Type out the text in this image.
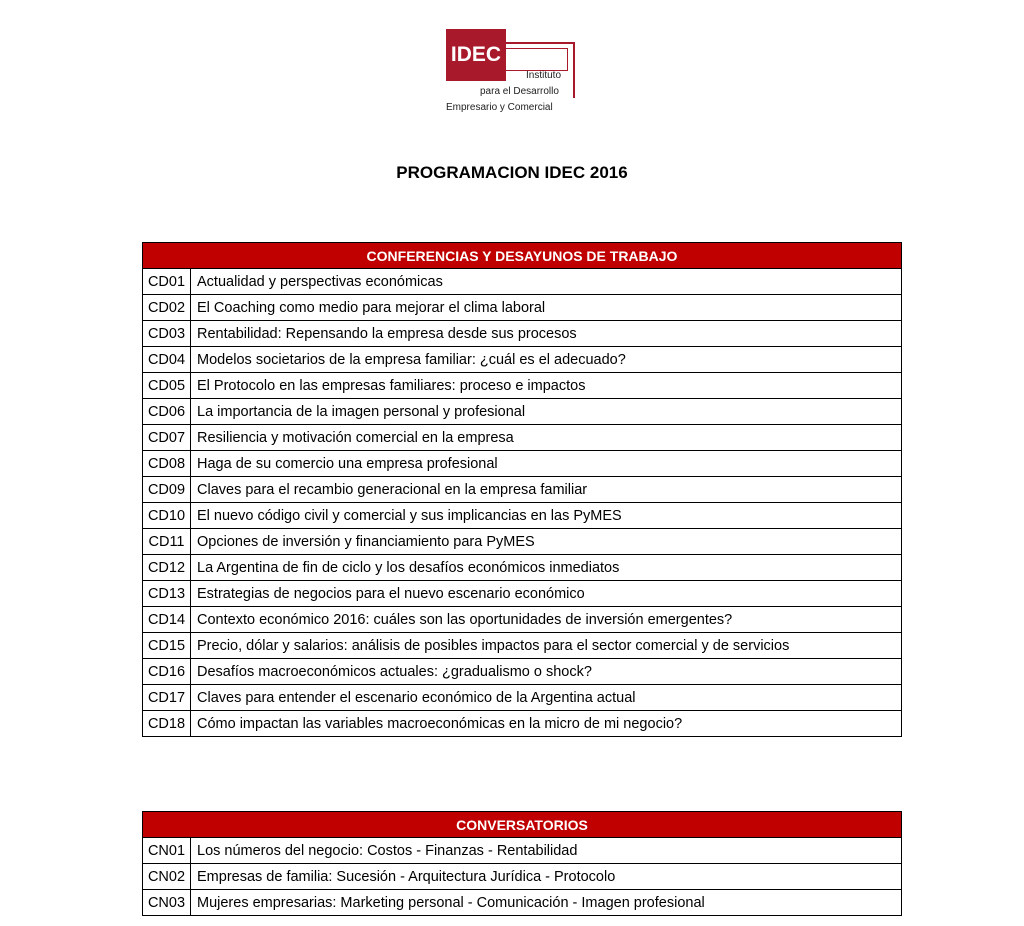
IDEC
Instituto
para el Desarrollo
Empresario y Comercial
PROGRAMACION IDEC 2016
CONFERENCIAS Y DESAYUNOS DE TRABAJO	
CD01	Actualidad y perspectivas económicas
CD02	El Coaching como medio para mejorar el clima laboral
CD03	Rentabilidad: Repensando la empresa desde sus procesos
CD04	Modelos societarios de la empresa familiar: ¿cuál es el adecuado?
CD05	El Protocolo en las empresas familiares: proceso e impactos
CD06	La importancia de la imagen personal y profesional
CD07	Resiliencia y motivación comercial en la empresa
CD08	Haga de su comercio una empresa profesional
CD09	Claves para el recambio generacional en la empresa familiar
CD10	El nuevo código civil y comercial y sus implicancias en las PyMES
CD11	Opciones de inversión y financiamiento para PyMES
CD12	La Argentina de fin de ciclo y los desafíos económicos inmediatos
CD13	Estrategias de negocios para el nuevo escenario económico
CD14	Contexto económico 2016: cuáles son las oportunidades de inversión emergentes?
CD15	Precio, dólar y salarios: análisis de posibles impactos para el sector comercial y de servicios
CD16	Desafíos macroeconómicos actuales: ¿gradualismo o shock?
CD17	Claves para entender el escenario económico de la Argentina actual
CD18	Cómo impactan las variables macroeconómicas en la micro de mi negocio?
CONVERSATORIOS	
CN01	Los números del negocio: Costos - Finanzas - Rentabilidad
CN02	Empresas de familia: Sucesión - Arquitectura Jurídica - Protocolo
CN03	Mujeres empresarias: Marketing personal - Comunicación - Imagen profesional
